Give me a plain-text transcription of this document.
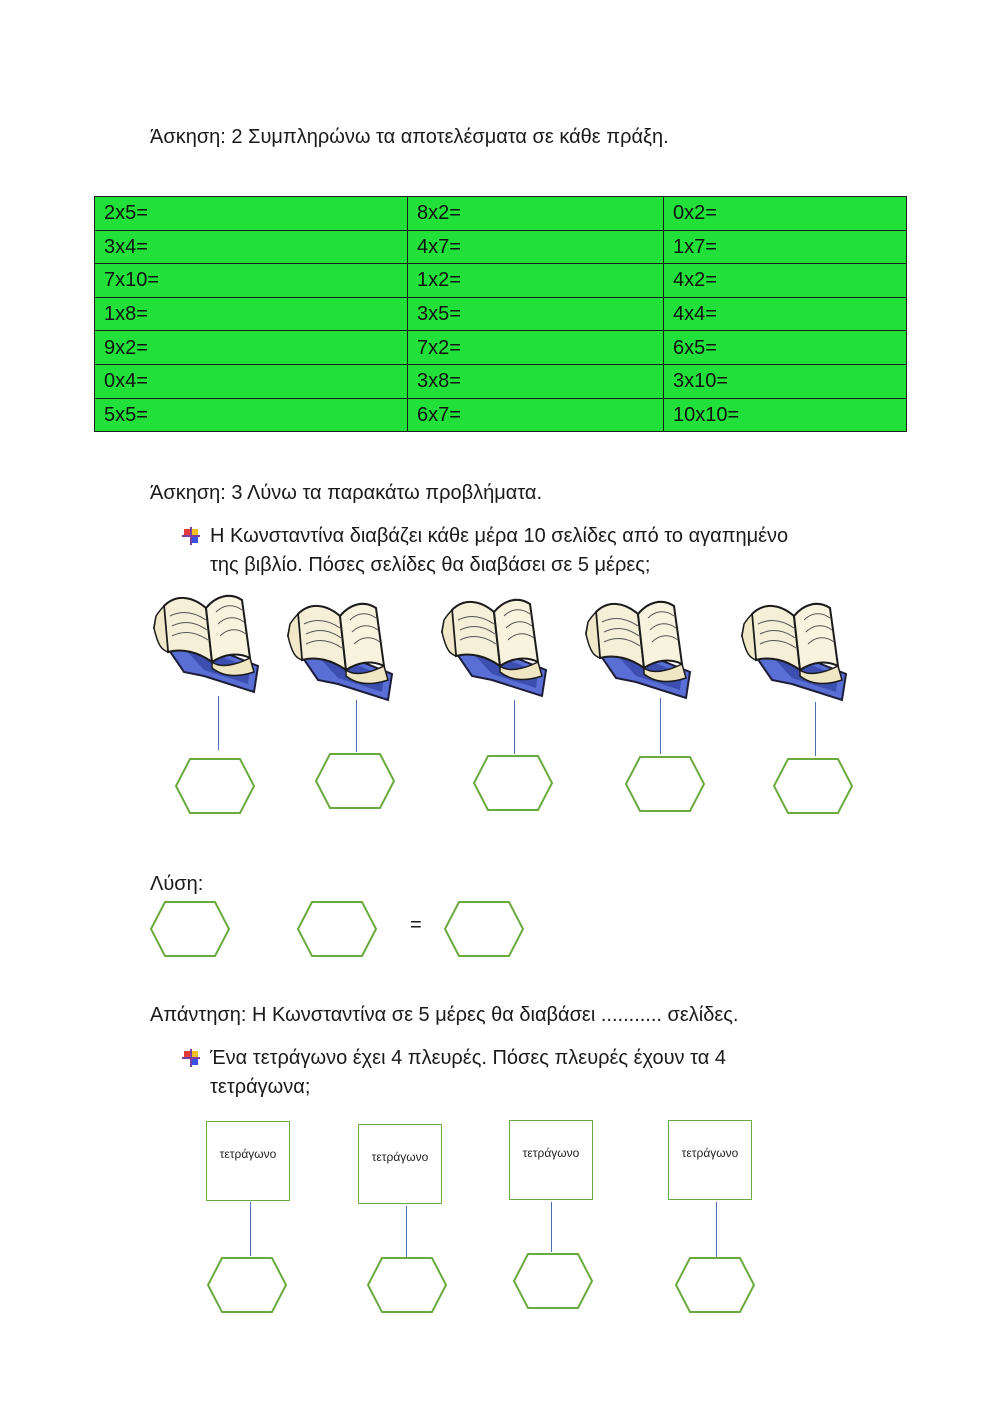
Άσκηση: 2 Συμπληρώνω τα αποτελέσματα σε κάθε πράξη.
2x5=	8x2=	0x2=
3x4=	4x7=	1x7=
7x10=	1x2=	4x2=
1x8=	3x5=	4x4=
9x2=	7x2=	6x5=
0x4=	3x8=	3x10=
5x5=	6x7=	10x10=
Άσκηση: 3 Λύνω τα παρακάτω προβλήματα.
Η Κωνσταντίνα διαβάζει κάθε μέρα 10 σελίδες από το αγαπημένο
της βιβλίο. Πόσες σελίδες θα διαβάσει σε 5 μέρες;
Λύση:
=
Απάντηση: Η Κωνσταντίνα σε 5 μέρες θα διαβάσει ........... σελίδες.
Ένα τετράγωνο έχει 4 πλευρές. Πόσες πλευρές έχουν τα 4
τετράγωνα;
τετράγωνο	τετράγωνο	τετράγωνο	τετράγωνο
